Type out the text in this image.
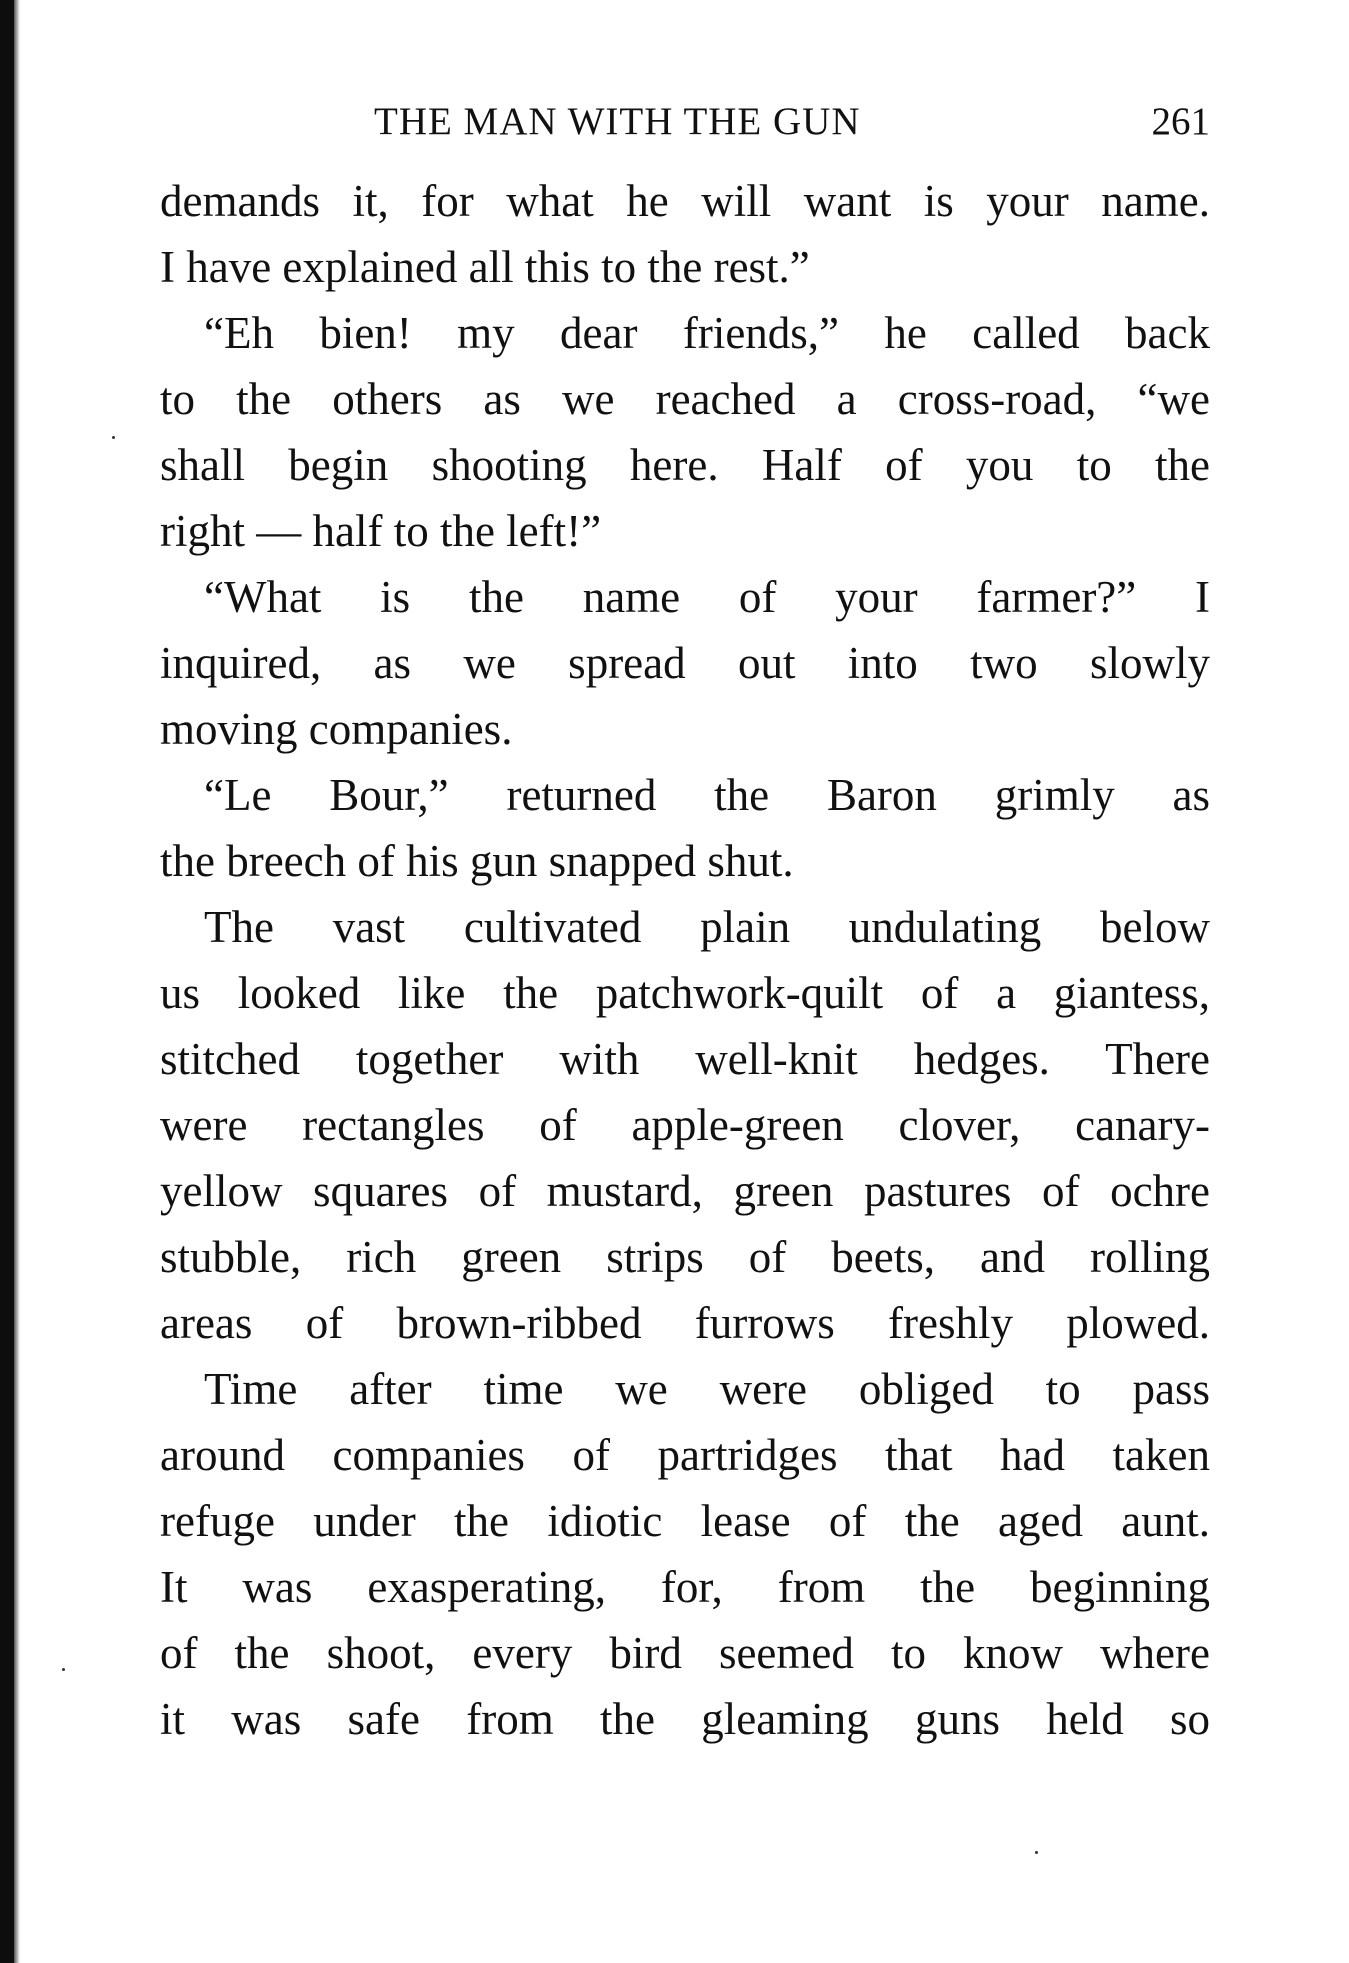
THE MAN WITH THE GUN	261
demands it, for what he will want is your name.
I have explained all this to the rest.”
“Eh bien! my dear friends,” he called back
to the others as we reached a cross-road, “we
shall begin shooting here. Half of you to the
right — half to the left!”
“What is the name of your farmer?” I
inquired, as we spread out into two slowly
moving companies.
“Le Bour,” returned the Baron grimly as
the breech of his gun snapped shut.
The vast cultivated plain undulating below
us looked like the patchwork-quilt of a giantess,
stitched together with well-knit hedges. There
were rectangles of apple-green clover, canary-
yellow squares of mustard, green pastures of ochre
stubble, rich green strips of beets, and rolling
areas of brown-ribbed furrows freshly plowed.
Time after time we were obliged to pass
around companies of partridges that had taken
refuge under the idiotic lease of the aged aunt.
It was exasperating, for, from the beginning
of the shoot, every bird seemed to know where
it was safe from the gleaming guns held so
